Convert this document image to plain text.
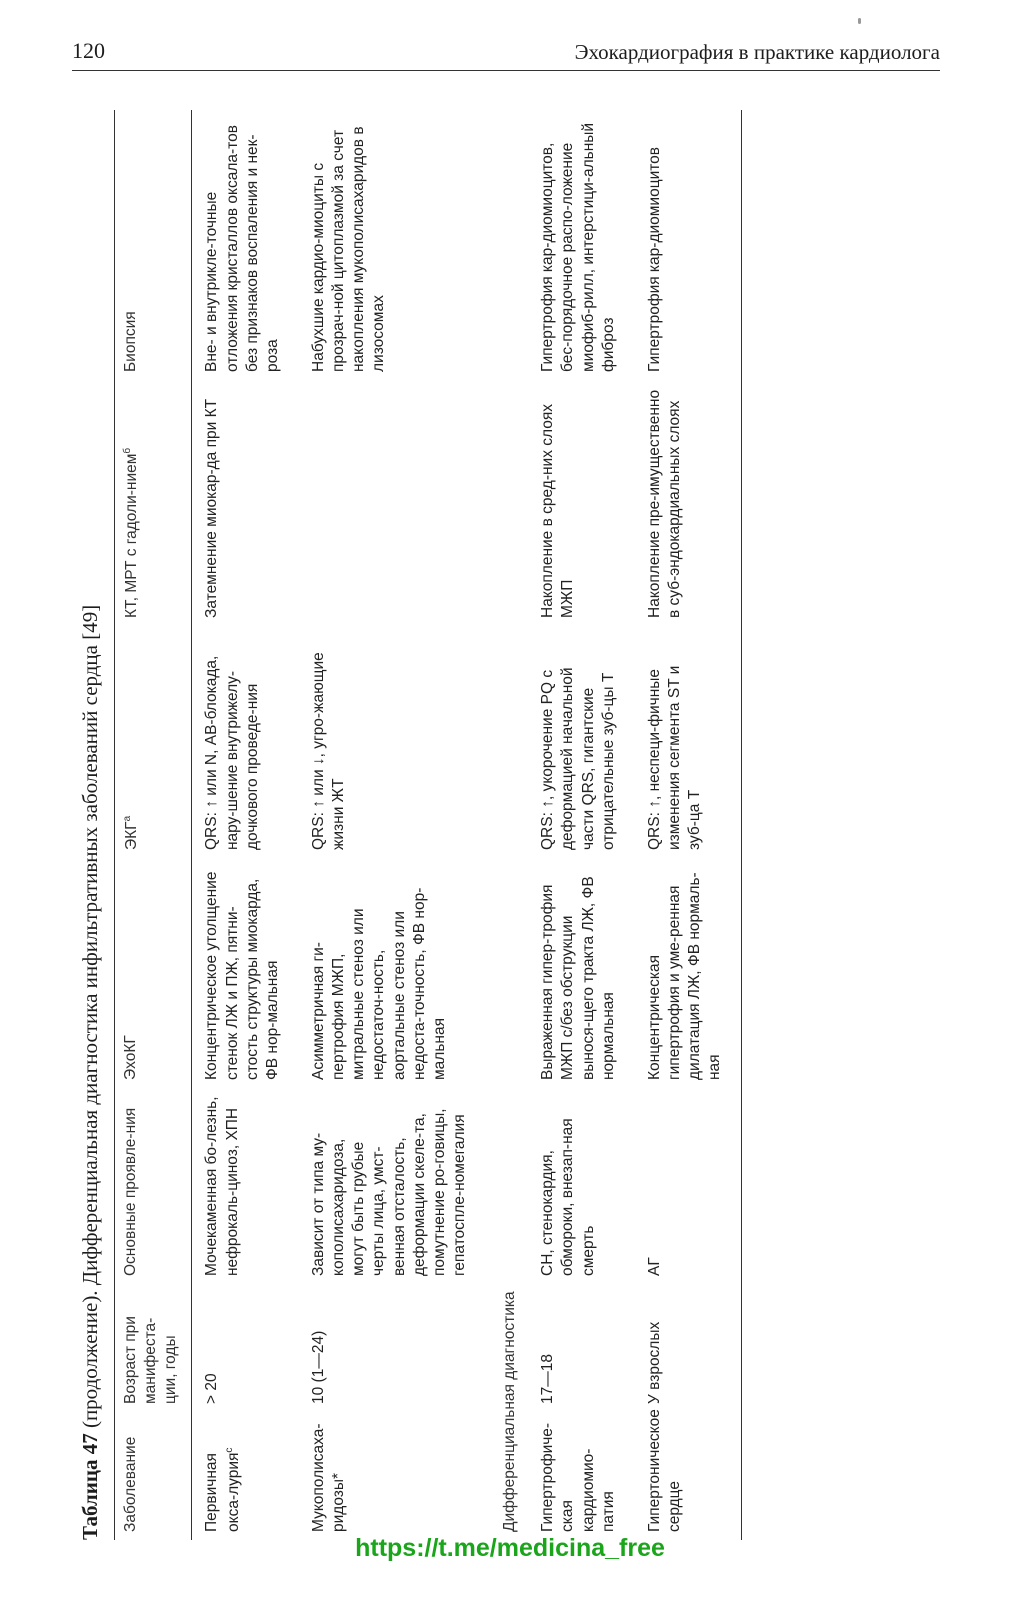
120	Эхокардиография в практике кардиолога
Таблица 47 (продолжение). Дифференциальная диагностика инфильтративных заболеваний сердца [49]
Заболевание	Возраст при манифеста-ции, годы	Основные проявле-ния	ЭхоКГ	$ЭКГ^а$	КТ, МРТ с гадоли-нием$^б$	Биопсия
Первичная окса-лурия$^с$	> 20	Мочекаменная бо-лезнь, нефрокаль-циноз, ХПН	Концентрическое утолщение стенок ЛЖ и ПЖ, пятни-стость структуры миокарда, ФВ нор-мальная	QRS: ↑ или N, АВ-блокада, нару-шение внутрижелу-дочкового проведе-ния	Затемнение миокар-да при КТ	Вне- и внутрикле-точные отложения кристаллов оксала-тов без признаков воспаления и нек-роза
Мукополисаха-ридозы*	10 (1—24)	Зависит от типа му-кополисахаридоза, могут быть грубые черты лица, умст-венная отсталость, деформации скеле-та, помутнение ро-говицы, гепатоспле-номегалия	Асимметричная ги-пертрофия МЖП, митральные стеноз или недостаточ-ность, аортальные стеноз или недоста-точность, ФВ нор-мальная	QRS: ↑ или ↓, угро-жающие жизни ЖТ		Набухшие кардио-миоциты с прозрач-ной цитоплазмой за счет накопления мукополисахаридов в лизосомах
Дифференциальная диагностика						
Гипертрофиче-ская кардиомио-патия	17—18	СН, стенокардия, обмороки, внезап-ная смерть	Выраженная гипер-трофия МЖП с/без обструкции вынося-щего тракта ЛЖ, ФВ нормальная	QRS: ↑, укорочение PQ с деформацией начальной части QRS, гигантские отрицательные зуб-цы Т	Накопление в сред-них слоях МЖП	Гипертрофия кар-диомиоцитов, бес-порядочное распо-ложение миофиб-рилл, интерстици-альный фиброз
Гипертоническое сердце	У взрослых	АГ	Концентрическая гипертрофия и уме-ренная дилатация ЛЖ, ФВ нормаль-ная	QRS: ↑, неспеци-фичные изменения сегмента ST и зуб-ца Т	Накопление пре-имущественно в суб-эндокардиальных слоях	Гипертрофия кар-диомиоцитов
https://t.me/medicina_free
